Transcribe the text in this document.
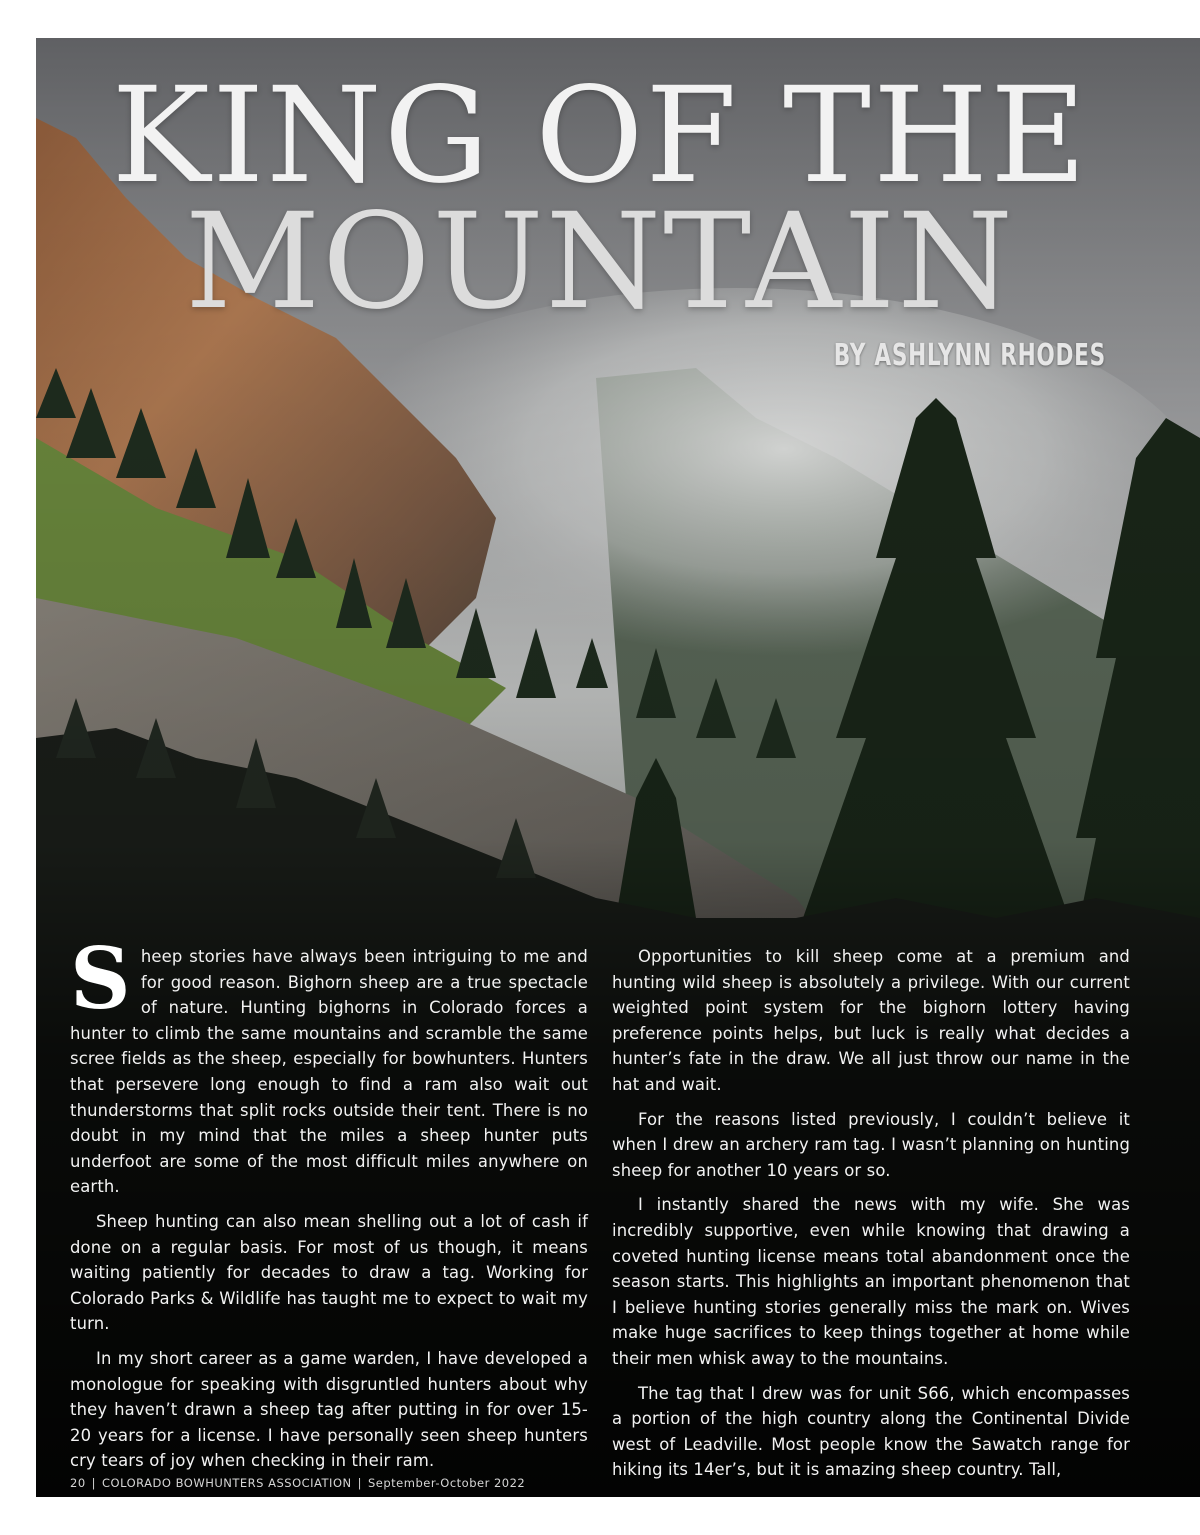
KING OF THE
MOUNTAIN
BY ASHLYNN RHODES

Sheep stories have always been intriguing to me and for good reason. Bighorn sheep are a true spectacle of nature. Hunting bighorns in Colorado forces a hunter to climb the same mountains and scramble the same scree fields as the sheep, especially for bowhunters. Hunters that persevere long enough to find a ram also wait out thunderstorms that split rocks outside their tent. There is no doubt in my mind that the miles a sheep hunter puts underfoot are some of the most difficult miles anywhere on earth.

Sheep hunting can also mean shelling out a lot of cash if done on a regular basis. For most of us though, it means waiting patiently for decades to draw a tag. Working for Colorado Parks & Wildlife has taught me to expect to wait my turn.

In my short career as a game warden, I have developed a monologue for speaking with disgruntled hunters about why they haven’t drawn a sheep tag after putting in for over 15-20 years for a license. I have personally seen sheep hunters cry tears of joy when checking in their ram.

Opportunities to kill sheep come at a premium and hunting wild sheep is absolutely a privilege. With our current weighted point system for the bighorn lottery having preference points helps, but luck is really what decides a hunter’s fate in the draw. We all just throw our name in the hat and wait.

For the reasons listed previously, I couldn’t believe it when I drew an archery ram tag. I wasn’t planning on hunting sheep for another 10 years or so.

I instantly shared the news with my wife. She was incredibly supportive, even while knowing that drawing a coveted hunting license means total abandonment once the season starts. This highlights an important phenomenon that I believe hunting stories generally miss the mark on. Wives make huge sacrifices to keep things together at home while their men whisk away to the mountains.

The tag that I drew was for unit S66, which encompasses a portion of the high country along the Continental Divide west of Leadville. Most people know the Sawatch range for hiking its 14er’s, but it is amazing sheep country. Tall,

20 | COLORADO BOWHUNTERS ASSOCIATION | September-October 2022
